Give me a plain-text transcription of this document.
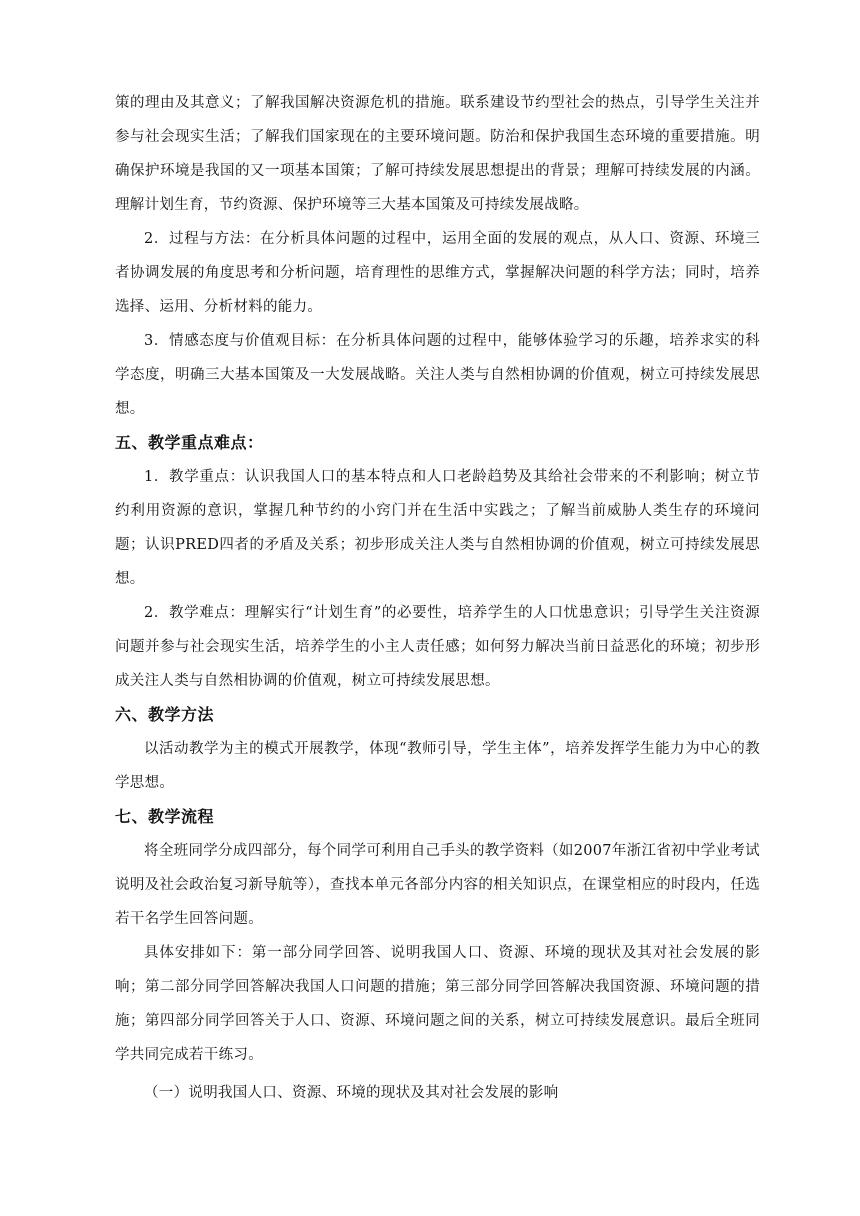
策的理由及其意义；了解我国解决资源危机的措施。联系建设节约型社会的热点，引导学生关注并参与社会现实生活；了解我们国家现在的主要环境问题。防治和保护我国生态环境的重要措施。明确保护环境是我国的又一项基本国策；了解可持续发展思想提出的背景；理解可持续发展的内涵。理解计划生育，节约资源、保护环境等三大基本国策及可持续发展战略。

2．过程与方法：在分析具体问题的过程中，运用全面的发展的观点，从人口、资源、环境三者协调发展的角度思考和分析问题，培育理性的思维方式，掌握解决问题的科学方法；同时，培养选择、运用、分析材料的能力。

3．情感态度与价值观目标：在分析具体问题的过程中，能够体验学习的乐趣，培养求实的科学态度，明确三大基本国策及一大发展战略。关注人类与自然相协调的价值观，树立可持续发展思想。

五、教学重点难点：

1．教学重点：认识我国人口的基本特点和人口老龄趋势及其给社会带来的不利影响；树立节约利用资源的意识，掌握几种节约的小窍门并在生活中实践之；了解当前威胁人类生存的环境问题；认识PRED四者的矛盾及关系；初步形成关注人类与自然相协调的价值观，树立可持续发展思想。

2．教学难点：理解实行“计划生育”的必要性，培养学生的人口忧患意识；引导学生关注资源问题并参与社会现实生活，培养学生的小主人责任感；如何努力解决当前日益恶化的环境；初步形成关注人类与自然相协调的价值观，树立可持续发展思想。

六、教学方法

以活动教学为主的模式开展教学，体现“教师引导，学生主体”，培养发挥学生能力为中心的教学思想。

七、教学流程

将全班同学分成四部分，每个同学可利用自己手头的教学资料（如2007年浙江省初中学业考试说明及社会政治复习新导航等），查找本单元各部分内容的相关知识点，在课堂相应的时段内，任选若干名学生回答问题。

具体安排如下：第一部分同学回答、说明我国人口、资源、环境的现状及其对社会发展的影响；第二部分同学回答解决我国人口问题的措施；第三部分同学回答解决我国资源、环境问题的措施；第四部分同学回答关于人口、资源、环境问题之间的关系，树立可持续发展意识。最后全班同学共同完成若干练习。

（一）说明我国人口、资源、环境的现状及其对社会发展的影响
